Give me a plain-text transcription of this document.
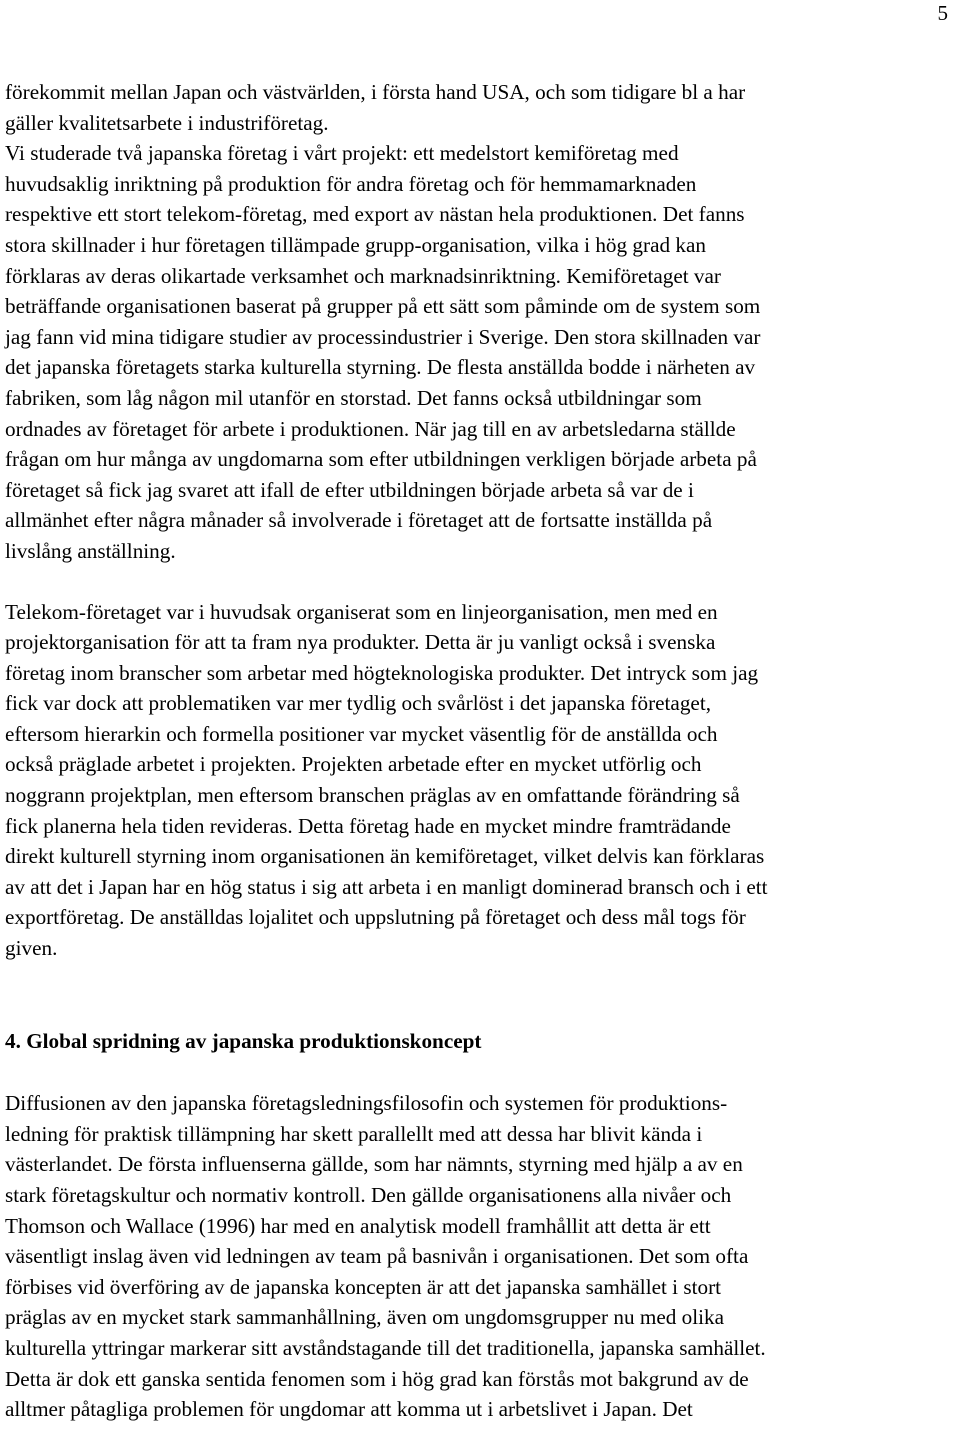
5

förekommit mellan Japan och västvärlden, i första hand USA, och som tidigare bl a har
gäller kvalitetsarbete i industriföretag.

Vi studerade två japanska företag i vårt projekt: ett medelstort kemiföretag med
huvudsaklig inriktning på produktion för andra företag och för hemmamarknaden
respektive ett stort telekom-företag, med export av nästan hela produktionen. Det fanns
stora skillnader i hur företagen tillämpade grupp-organisation, vilka i hög grad kan
förklaras av deras olikartade verksamhet och marknadsinriktning. Kemiföretaget var
beträffande organisationen baserat på grupper på ett sätt som påminde om de system som
jag fann vid mina tidigare studier av processindustrier i Sverige. Den stora skillnaden var
det japanska företagets starka kulturella styrning. De flesta anställda bodde i närheten av
fabriken, som låg någon mil utanför en storstad. Det fanns också utbildningar som
ordnades av företaget för arbete i produktionen. När jag till en av arbetsledarna ställde
frågan om hur många av ungdomarna som efter utbildningen verkligen började arbeta på
företaget så fick jag svaret att ifall de efter utbildningen började arbeta så var de i
allmänhet efter några månader så involverade i företaget att de fortsatte inställda på
livslång anställning.

Telekom-företaget var i huvudsak organiserat som en linjeorganisation, men med en
projektorganisation för att ta fram nya produkter. Detta är ju vanligt också i svenska
företag inom branscher som arbetar med högteknologiska produkter. Det intryck som jag
fick var dock att problematiken var mer tydlig och svårlöst i det japanska företaget,
eftersom hierarkin och formella positioner var mycket väsentlig för de anställda och
också präglade arbetet i projekten. Projekten arbetade efter en mycket utförlig och
noggrann projektplan, men eftersom branschen präglas av en omfattande förändring så
fick planerna hela tiden revideras. Detta företag hade en mycket mindre framträdande
direkt kulturell styrning inom organisationen än kemiföretaget, vilket delvis kan förklaras
av att det i Japan har en hög status i sig att arbeta i en manligt dominerad bransch och i ett
exportföretag. De anställdas lojalitet och uppslutning på företaget och dess mål togs för
given.

4. Global spridning av japanska produktionskoncept

Diffusionen av den japanska företagsledningsfilosofin och systemen för produktions-
ledning för praktisk tillämpning har skett parallellt med att dessa har blivit kända i
västerlandet. De första influenserna gällde, som har nämnts, styrning med hjälp a av en
stark företagskultur och normativ kontroll. Den gällde organisationens alla nivåer och
Thomson och Wallace (1996) har med en analytisk modell framhållit att detta är ett
väsentligt inslag även vid ledningen av team på basnivån i organisationen. Det som ofta
förbises vid överföring av de japanska koncepten är att det japanska samhället i stort
präglas av en mycket stark sammanhållning, även om ungdomsgrupper nu med olika
kulturella yttringar markerar sitt avståndstagande till det traditionella, japanska samhället.
Detta är dok ett ganska sentida fenomen som i hög grad kan förstås mot bakgrund av de
alltmer påtagliga problemen för ungdomar att komma ut i arbetslivet i Japan. Det
